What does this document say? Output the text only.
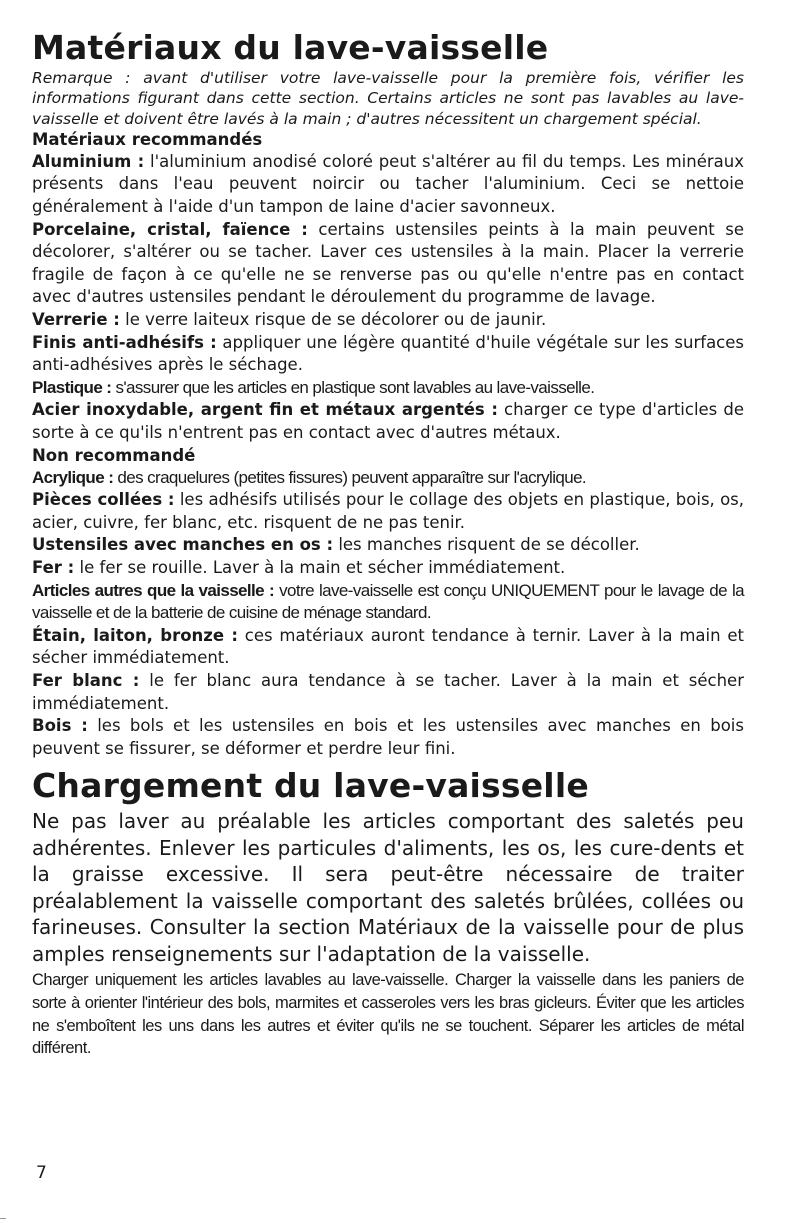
Matériaux du lave-vaisselle

Remarque : avant d'utiliser votre lave-vaisselle pour la première fois, vérifier les informations figurant dans cette section. Certains articles ne sont pas lavables au lave-vaisselle et doivent être lavés à la main ; d'autres nécessitent un chargement spécial.

Matériaux recommandés

Aluminium : l'aluminium anodisé coloré peut s'altérer au fil du temps. Les minéraux présents dans l'eau peuvent noircir ou tacher l'aluminium. Ceci se nettoie généralement à l'aide d'un tampon de laine d'acier savonneux.

Porcelaine, cristal, faïence : certains ustensiles peints à la main peuvent se décolorer, s'altérer ou se tacher. Laver ces ustensiles à la main. Placer la verrerie fragile de façon à ce qu'elle ne se renverse pas ou qu'elle n'entre pas en contact avec d'autres ustensiles pendant le déroulement du programme de lavage.

Verrerie : le verre laiteux risque de se décolorer ou de jaunir.

Finis anti-adhésifs : appliquer une légère quantité d'huile végétale sur les surfaces anti-adhésives après le séchage.

Plastique : s'assurer que les articles en plastique sont lavables au lave-vaisselle.

Acier inoxydable, argent fin et métaux argentés : charger ce type d'articles de sorte à ce qu'ils n'entrent pas en contact avec d'autres métaux.

Non recommandé

Acrylique : des craquelures (petites fissures) peuvent apparaître sur l'acrylique.

Pièces collées : les adhésifs utilisés pour le collage des objets en plastique, bois, os, acier, cuivre, fer blanc, etc. risquent de ne pas tenir.

Ustensiles avec manches en os : les manches risquent de se décoller.

Fer : le fer se rouille. Laver à la main et sécher immédiatement.

Articles autres que la vaisselle : votre lave-vaisselle est conçu UNIQUEMENT pour le lavage de la vaisselle et de la batterie de cuisine de ménage standard.

Étain, laiton, bronze : ces matériaux auront tendance à ternir. Laver à la main et sécher immédiatement.

Fer blanc : le fer blanc aura tendance à se tacher. Laver à la main et sécher immédiatement.

Bois : les bols et les ustensiles en bois et les ustensiles avec manches en bois peuvent se fissurer, se déformer et perdre leur fini.

Chargement du lave-vaisselle

Ne pas laver au préalable les articles comportant des saletés peu adhérentes. Enlever les particules d'aliments, les os, les cure-dents et la graisse excessive. Il sera peut-être nécessaire de traiter préalablement la vaisselle comportant des saletés brûlées, collées ou farineuses. Consulter la section Matériaux de la vaisselle pour de plus amples renseignements sur l'adaptation de la vaisselle.

Charger uniquement les articles lavables au lave-vaisselle. Charger la vaisselle dans les paniers de sorte à orienter l'intérieur des bols, marmites et casseroles vers les bras gicleurs. Éviter que les articles ne s'emboîtent les uns dans les autres et éviter qu'ils ne se touchent. Séparer les articles de métal différent.

7
